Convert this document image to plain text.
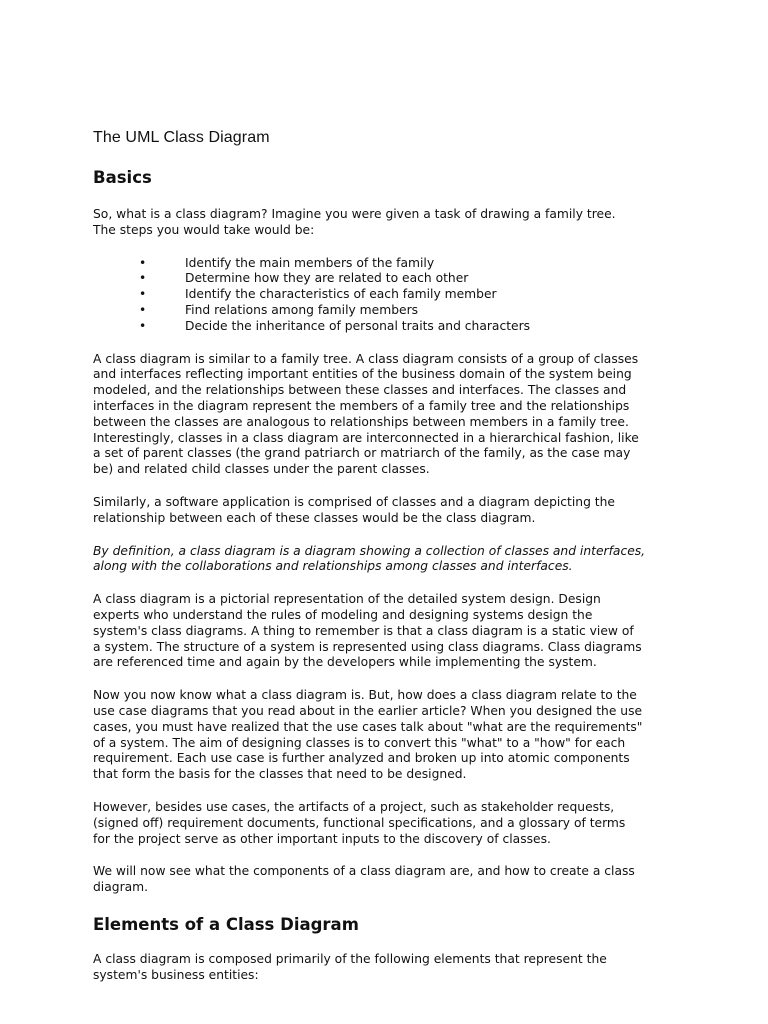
The UML Class Diagram
Basics

So, what is a class diagram? Imagine you were given a task of drawing a family tree.
The steps you would take would be:

•	Identify the main members of the family
•	Determine how they are related to each other
•	Identify the characteristics of each family member
•	Find relations among family members
•	Decide the inheritance of personal traits and characters

A class diagram is similar to a family tree. A class diagram consists of a group of classes
and interfaces reflecting important entities of the business domain of the system being
modeled, and the relationships between these classes and interfaces. The classes and
interfaces in the diagram represent the members of a family tree and the relationships
between the classes are analogous to relationships between members in a family tree.
Interestingly, classes in a class diagram are interconnected in a hierarchical fashion, like
a set of parent classes (the grand patriarch or matriarch of the family, as the case may
be) and related child classes under the parent classes.

Similarly, a software application is comprised of classes and a diagram depicting the
relationship between each of these classes would be the class diagram.

By definition, a class diagram is a diagram showing a collection of classes and interfaces,
along with the collaborations and relationships among classes and interfaces.

A class diagram is a pictorial representation of the detailed system design. Design
experts who understand the rules of modeling and designing systems design the
system's class diagrams. A thing to remember is that a class diagram is a static view of
a system. The structure of a system is represented using class diagrams. Class diagrams
are referenced time and again by the developers while implementing the system.

Now you now know what a class diagram is. But, how does a class diagram relate to the
use case diagrams that you read about in the earlier article? When you designed the use
cases, you must have realized that the use cases talk about "what are the requirements"
of a system. The aim of designing classes is to convert this "what" to a "how" for each
requirement. Each use case is further analyzed and broken up into atomic components
that form the basis for the classes that need to be designed.

However, besides use cases, the artifacts of a project, such as stakeholder requests,
(signed off) requirement documents, functional specifications, and a glossary of terms
for the project serve as other important inputs to the discovery of classes.

We will now see what the components of a class diagram are, and how to create a class
diagram.

Elements of a Class Diagram

A class diagram is composed primarily of the following elements that represent the
system's business entities:
